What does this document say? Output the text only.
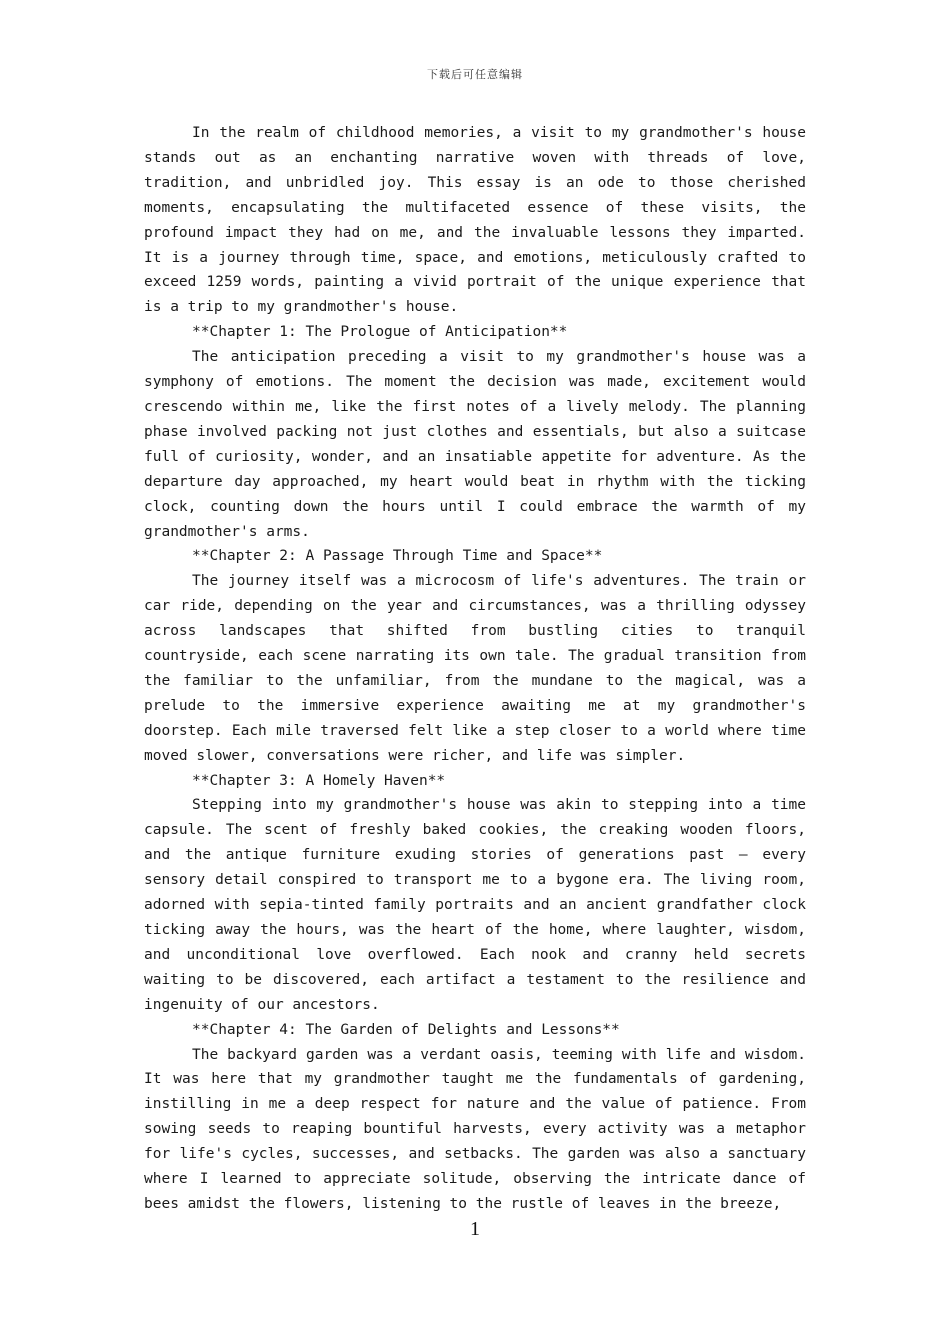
下载后可任意编辑

In the realm of childhood memories, a visit to my grandmother's house stands out as an enchanting narrative woven with threads of love, tradition, and unbridled joy. This essay is an ode to those cherished moments, encapsulating the multifaceted essence of these visits, the profound impact they had on me, and the invaluable lessons they imparted. It is a journey through time, space, and emotions, meticulously crafted to exceed 1259 words, painting a vivid portrait of the unique experience that is a trip to my grandmother's house.

**Chapter 1: The Prologue of Anticipation**

The anticipation preceding a visit to my grandmother's house was a symphony of emotions. The moment the decision was made, excitement would crescendo within me, like the first notes of a lively melody. The planning phase involved packing not just clothes and essentials, but also a suitcase full of curiosity, wonder, and an insatiable appetite for adventure. As the departure day approached, my heart would beat in rhythm with the ticking clock, counting down the hours until I could embrace the warmth of my grandmother's arms.

**Chapter 2: A Passage Through Time and Space**

The journey itself was a microcosm of life's adventures. The train or car ride, depending on the year and circumstances, was a thrilling odyssey across landscapes that shifted from bustling cities to tranquil countryside, each scene narrating its own tale. The gradual transition from the familiar to the unfamiliar, from the mundane to the magical, was a prelude to the immersive experience awaiting me at my grandmother's doorstep. Each mile traversed felt like a step closer to a world where time moved slower, conversations were richer, and life was simpler.

**Chapter 3: A Homely Haven**

Stepping into my grandmother's house was akin to stepping into a time capsule. The scent of freshly baked cookies, the creaking wooden floors, and the antique furniture exuding stories of generations past – every sensory detail conspired to transport me to a bygone era. The living room, adorned with sepia-tinted family portraits and an ancient grandfather clock ticking away the hours, was the heart of the home, where laughter, wisdom, and unconditional love overflowed. Each nook and cranny held secrets waiting to be discovered, each artifact a testament to the resilience and ingenuity of our ancestors.

**Chapter 4: The Garden of Delights and Lessons**

The backyard garden was a verdant oasis, teeming with life and wisdom. It was here that my grandmother taught me the fundamentals of gardening, instilling in me a deep respect for nature and the value of patience. From sowing seeds to reaping bountiful harvests, every activity was a metaphor for life's cycles, successes, and setbacks. The garden was also a sanctuary where I learned to appreciate solitude, observing the intricate dance of bees amidst the flowers, listening to the rustle of leaves in the breeze,

1
